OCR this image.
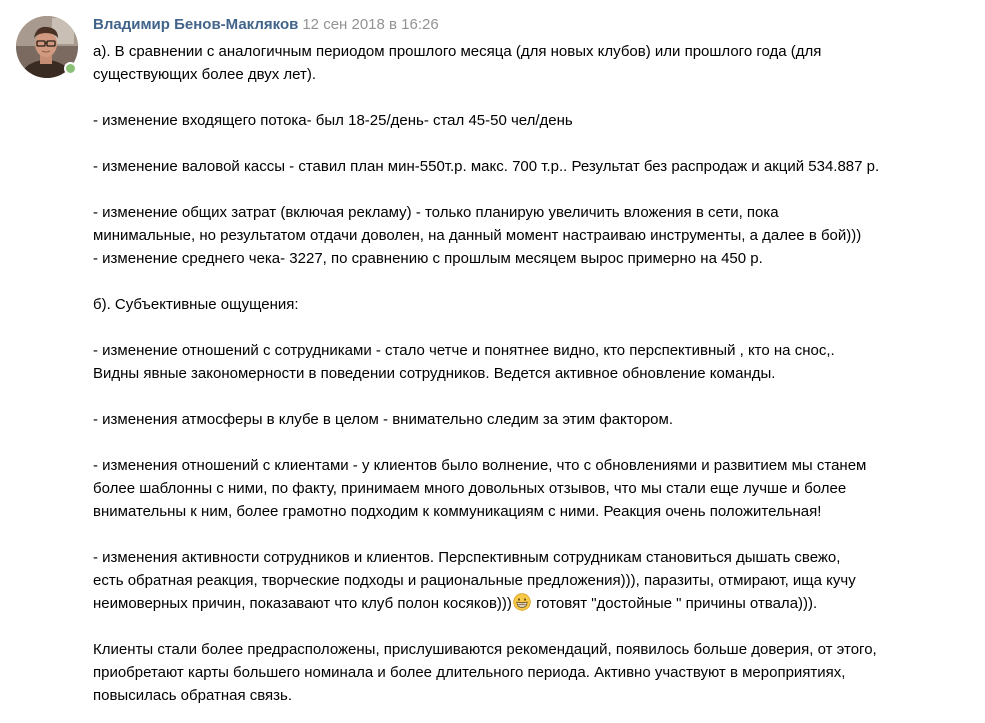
Владимир Бенов-Макляков 12 сен 2018 в 16:26

а). В сравнении с аналогичным периодом прошлого месяца (для новых клубов) или прошлого года (для

существующих более двух лет).

- изменение входящего потока- был 18-25/день- стал 45-50 чел/день

- изменение валовой кассы - ставил план мин-550т.р. макс. 700 т.р.. Результат без распродаж и акций 534.887 р.

- изменение общих затрат (включая рекламу) - только планирую увеличить вложения в сети, пока

минимальные, но результатом отдачи доволен, на данный момент настраиваю инструменты, а далее в бой)))

- изменение среднего чека- 3227, по сравнению с прошлым месяцем вырос примерно на 450 р.

б). Субъективные ощущения:

- изменение отношений с сотрудниками - стало четче и понятнее видно, кто перспективный , кто на снос,.

Видны явные закономерности в поведении сотрудников. Ведется активное обновление команды.

- изменения атмосферы в клубе в целом - внимательно следим за этим фактором.

- изменения отношений с клиентами - у клиентов было волнение, что с обновлениями и развитием мы станем

более шаблонны с ними, по факту, принимаем много довольных отзывов, что мы стали еще лучше и более

внимательны к ним, более грамотно подходим к коммуникациям с ними. Реакция очень положительная!

- изменения активности сотрудников и клиентов. Перспективным сотрудникам становиться дышать свежо,

есть обратная реакция, творческие подходы и рациональные предложения))), паразиты, отмирают, ища кучу

неимоверных причин, показавают что клуб полон косяков))) готовят "достойные " причины отвала))).

Клиенты стали более предрасположены, прислушиваются рекомендаций, появилось больше доверия, от этого,

приобретают карты большего номинала и более длительного периода. Активно участвуют в мероприятиях,

повысилась обратная связь.
